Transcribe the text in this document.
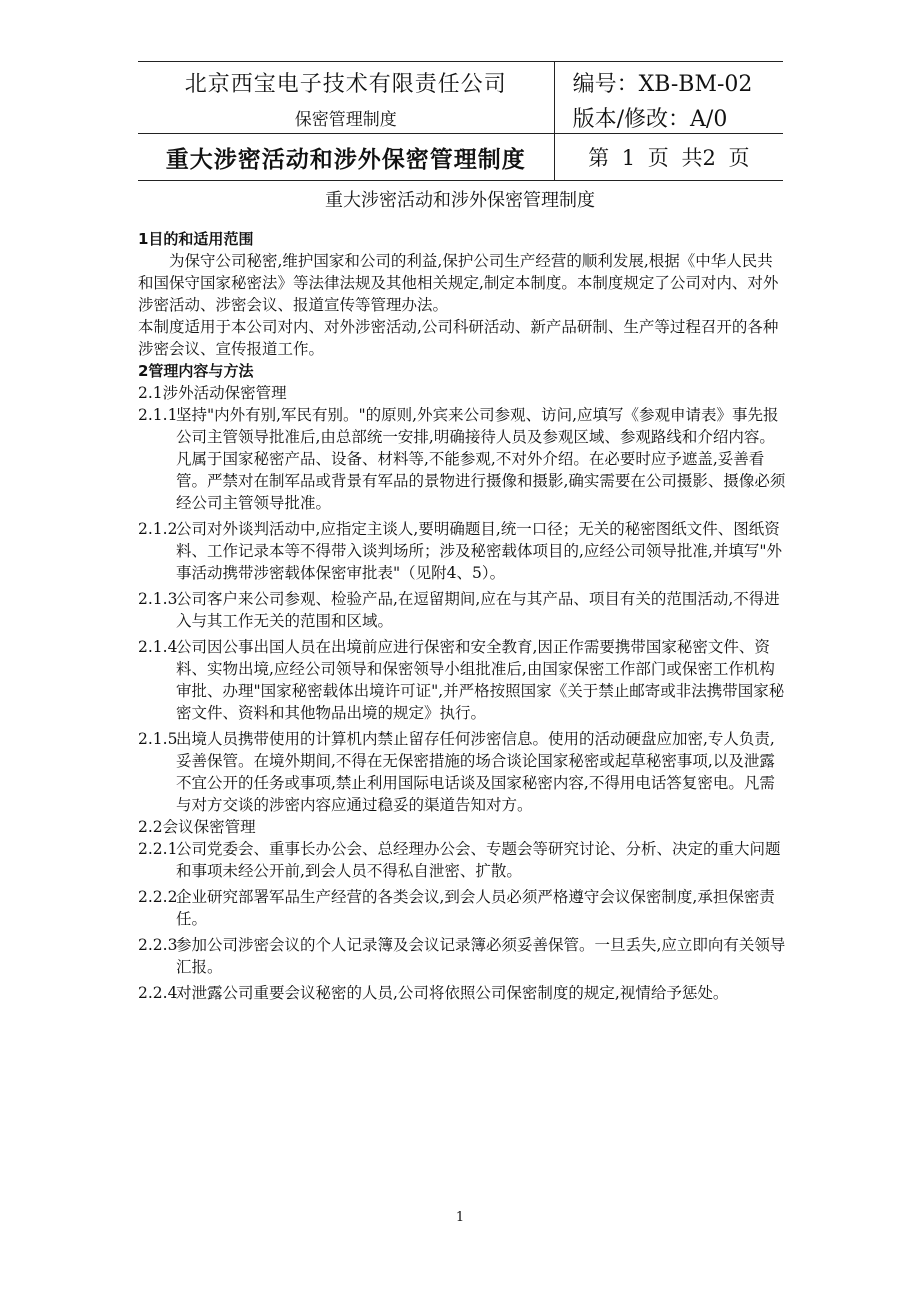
北京西宝电子技术有限责任公司	编号：XB-BM-02
保密管理制度	版本/修改：A/0
重大涉密活动和涉外保密管理制度	第 1 页 共2 页
重大涉密活动和涉外保密管理制度

1目的和适用范围

为保守公司秘密,维护国家和公司的利益,保护公司生产经营的顺利发展,根据《中华人民共和国保守国家秘密法》等法律法规及其他相关规定,制定本制度。本制度规定了公司对内、对外涉密活动、涉密会议、报道宣传等管理办法。

本制度适用于本公司对内、对外涉密活动,公司科研活动、新产品研制、生产等过程召开的各种涉密会议、宣传报道工作。

2管理内容与方法

2.1涉外活动保密管理

2.1.1
坚持"内外有别,军民有别。"的原则,外宾来公司参观、访问,应填写《参观申请表》事先报公司主管领导批准后,由总部统一安排,明确接待人员及参观区域、参观路线和介绍内容。凡属于国家秘密产品、设备、材料等,不能参观,不对外介绍。在必要时应予遮盖,妥善看管。严禁对在制军品或背景有军品的景物进行摄像和摄影,确实需要在公司摄影、摄像必须经公司主管领导批准。
2.1.2
公司对外谈判活动中,应指定主谈人,要明确题目,统一口径；无关的秘密图纸文件、图纸资料、工作记录本等不得带入谈判场所；涉及秘密载体项目的,应经公司领导批准,并填写"外事活动携带涉密载体保密审批表"（见附4、5）。
2.1.3
公司客户来公司参观、检验产品,在逗留期间,应在与其产品、项目有关的范围活动,不得进入与其工作无关的范围和区域。
2.1.4
公司因公事出国人员在出境前应进行保密和安全教育,因正作需要携带国家秘密文件、资料、实物出境,应经公司领导和保密领导小组批准后,由国家保密工作部门或保密工作机构审批、办理"国家秘密载体出境许可证",并严格按照国家《关于禁止邮寄或非法携带国家秘密文件、资料和其他物品出境的规定》执行。
2.1.5
出境人员携带使用的计算机内禁止留存任何涉密信息。使用的活动硬盘应加密,专人负责,妥善保管。在境外期间,不得在无保密措施的场合谈论国家秘密或起草秘密事项,以及泄露不宜公开的任务或事项,禁止利用国际电话谈及国家秘密内容,不得用电话答复密电。凡需与对方交谈的涉密内容应通过稳妥的渠道告知对方。

2.2会议保密管理

2.2.1
公司党委会、重事长办公会、总经理办公会、专题会等研究讨论、分析、决定的重大问题和事项未经公开前,到会人员不得私自泄密、扩散。
2.2.2
企业研究部署军品生产经营的各类会议,到会人员必须严格遵守会议保密制度,承担保密责任。
2.2.3
参加公司涉密会议的个人记录簿及会议记录簿必须妥善保管。一旦丢失,应立即向有关领导汇报。
2.2.4
对泄露公司重要会议秘密的人员,公司将依照公司保密制度的规定,视情给予惩处。
1
